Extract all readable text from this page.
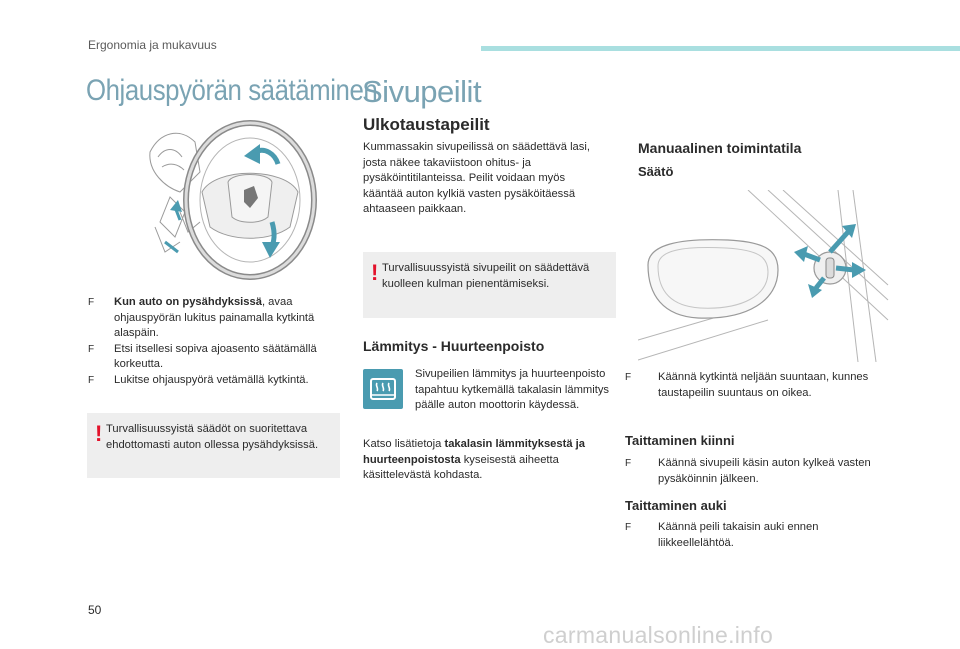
Ergonomia ja mukavuus
Ohjauspyörän säätäminen
F Kun auto on pysähdyksissä, avaa ohjauspyörän lukitus painamalla kytkintä alaspäin.
F Etsi itsellesi sopiva ajoasento säätämällä korkeutta.
F Lukitse ohjauspyörä vetämällä kytkintä.
! Turvallisuussyistä säädöt on suoritettava ehdottomasti auton ollessa pysähdyksissä.
Sivupeilit
Ulkotaustapeilit
Kummassakin sivupeilissä on säädettävä lasi, josta näkee takaviistoon ohitus- ja pysäköintitilanteissa. Peilit voidaan myös kääntää auton kylkiä vasten pysäköitäessä ahtaaseen paikkaan.
! Turvallisuussyistä sivupeilit on säädettävä kuolleen kulman pienentämiseksi.
Lämmitys - Huurteenpoisto
Sivupeilien lämmitys ja huurteenpoisto tapahtuu kytkemällä takalasin lämmitys päälle auton moottorin käydessä.
Katso lisätietoja takalasin lämmityksestä ja huurteenpoistosta kyseisestä aiheetta käsittelevästä kohdasta.
Manuaalinen toimintatila
Säätö
F Käännä kytkintä neljään suuntaan, kunnes taustapeilin suuntaus on oikea.
Taittaminen kiinni
F Käännä sivupeili käsin auton kylkeä vasten pysäköinnin jälkeen.
Taittaminen auki
F Käännä peili takaisin auki ennen liikkeellelähtöä.
50
carmanualsonline.info
